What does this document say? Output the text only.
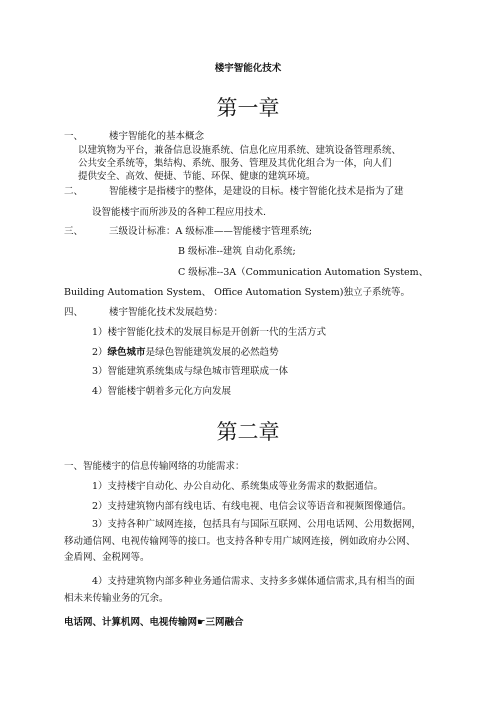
楼宇智能化技术
第一章
一、	楼宇智能化的基本概念
以建筑物为平台，兼备信息设施系统、信息化应用系统、建筑设备管理系统、
公共安全系统等，集结构、系统、服务、管理及其优化组合为一体，向人们
提供安全、高效、便捷、节能、环保、健康的建筑环境。
二、	智能楼宇是指楼宇的整体，是建设的目标。楼宇智能化技术是指为了建
设智能楼宇而所涉及的各种工程应用技术.
三、	三级设计标准：A 级标准——智能楼宇管理系统;
B 级标准--建筑 自动化系统;
C 级标准--3A（Communication Automation System、
Building Automation System、 Office Automation System)独立子系统等。
四、	楼宇智能化技术发展趋势：
1）楼宇智能化技术的发展目标是开创新一代的生活方式
2）绿色城市是绿色智能建筑发展的必然趋势
3）智能建筑系统集成与绿色城市管理联成一体
4）智能楼宇朝着多元化方向发展
第二章
一、智能楼宇的信息传输网络的功能需求：
1）支持楼宇自动化、办公自动化、系统集成等业务需求的数据通信。
2）支持建筑物内部有线电话、有线电视、电信会议等语音和视频图像通信。
3）支持各种广域网连接，包括具有与国际互联网、公用电话网、公用数据网，移动通信网、电视传输网等的接口。也支持各种专用广域网连接，例如政府办公网、金盾网、金税网等。
4）支持建筑物内部多种业务通信需求、支持多多媒体通信需求,具有相当的面相未来传输业务的冗余。
电话网、计算机网、电视传输网☛三网融合
